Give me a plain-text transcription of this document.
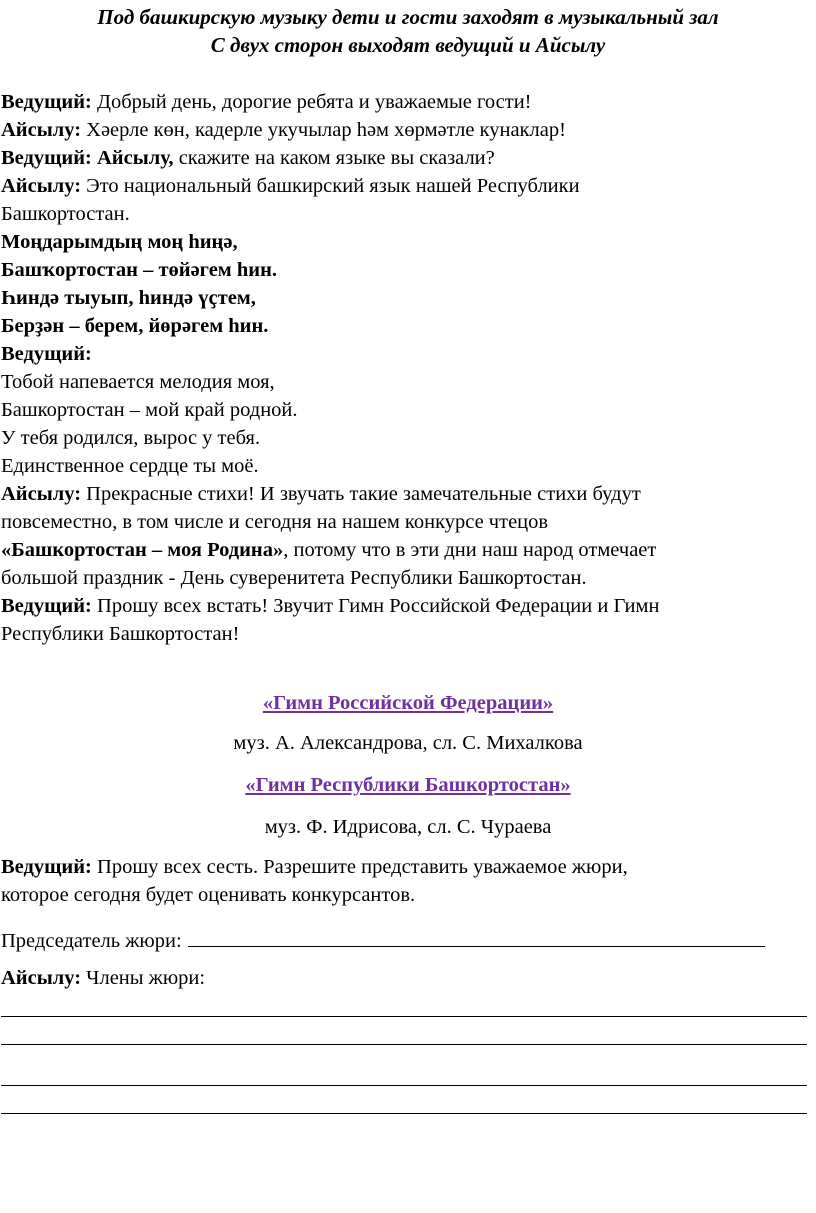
Под башкирскую музыку дети и гости заходят в музыкальный зал
С двух сторон выходят ведущий и Айсылу
Ведущий: Добрый день, дорогие ребята и уважаемые гости!
Айсылу: Хәерле көн, кадерле укучылар һәм хөрмәтле кунаклар!
Ведущий: Айсылу, скажите на каком языке вы сказали?
Айсылу: Это национальный башкирский язык нашей Республики
Башкортостан.
Моңдарымдың моң һиңә,
Башҡортостан – төйәгем һин.
Һиндә тыуып, һиндә үҫтем,
Берҙән – берем, йөрәгем һин.
Ведущий:
Тобой напевается мелодия моя,
Башкортостан – мой край родной.
У тебя родился, вырос у тебя.
Единственное сердце ты моё.
Айсылу: Прекрасные стихи! И звучать такие замечательные стихи будут
повсеместно, в том числе и сегодня на нашем конкурсе чтецов
«Башкортостан – моя Родина», потому что в эти дни наш народ отмечает
большой праздник - День суверенитета Республики Башкортостан.
Ведущий: Прошу всех встать! Звучит Гимн Российской Федерации и Гимн
Республики Башкортостан!
«Гимн Российской Федерации»
муз. А. Александрова, сл. С. Михалкова
«Гимн Республики Башкортостан»
муз. Ф. Идрисова, сл. С. Чураева
Ведущий: Прошу всех сесть. Разрешите представить уважаемое жюри,
которое сегодня будет оценивать конкурсантов.
Председатель жюри:
Айсылу: Члены жюри:
